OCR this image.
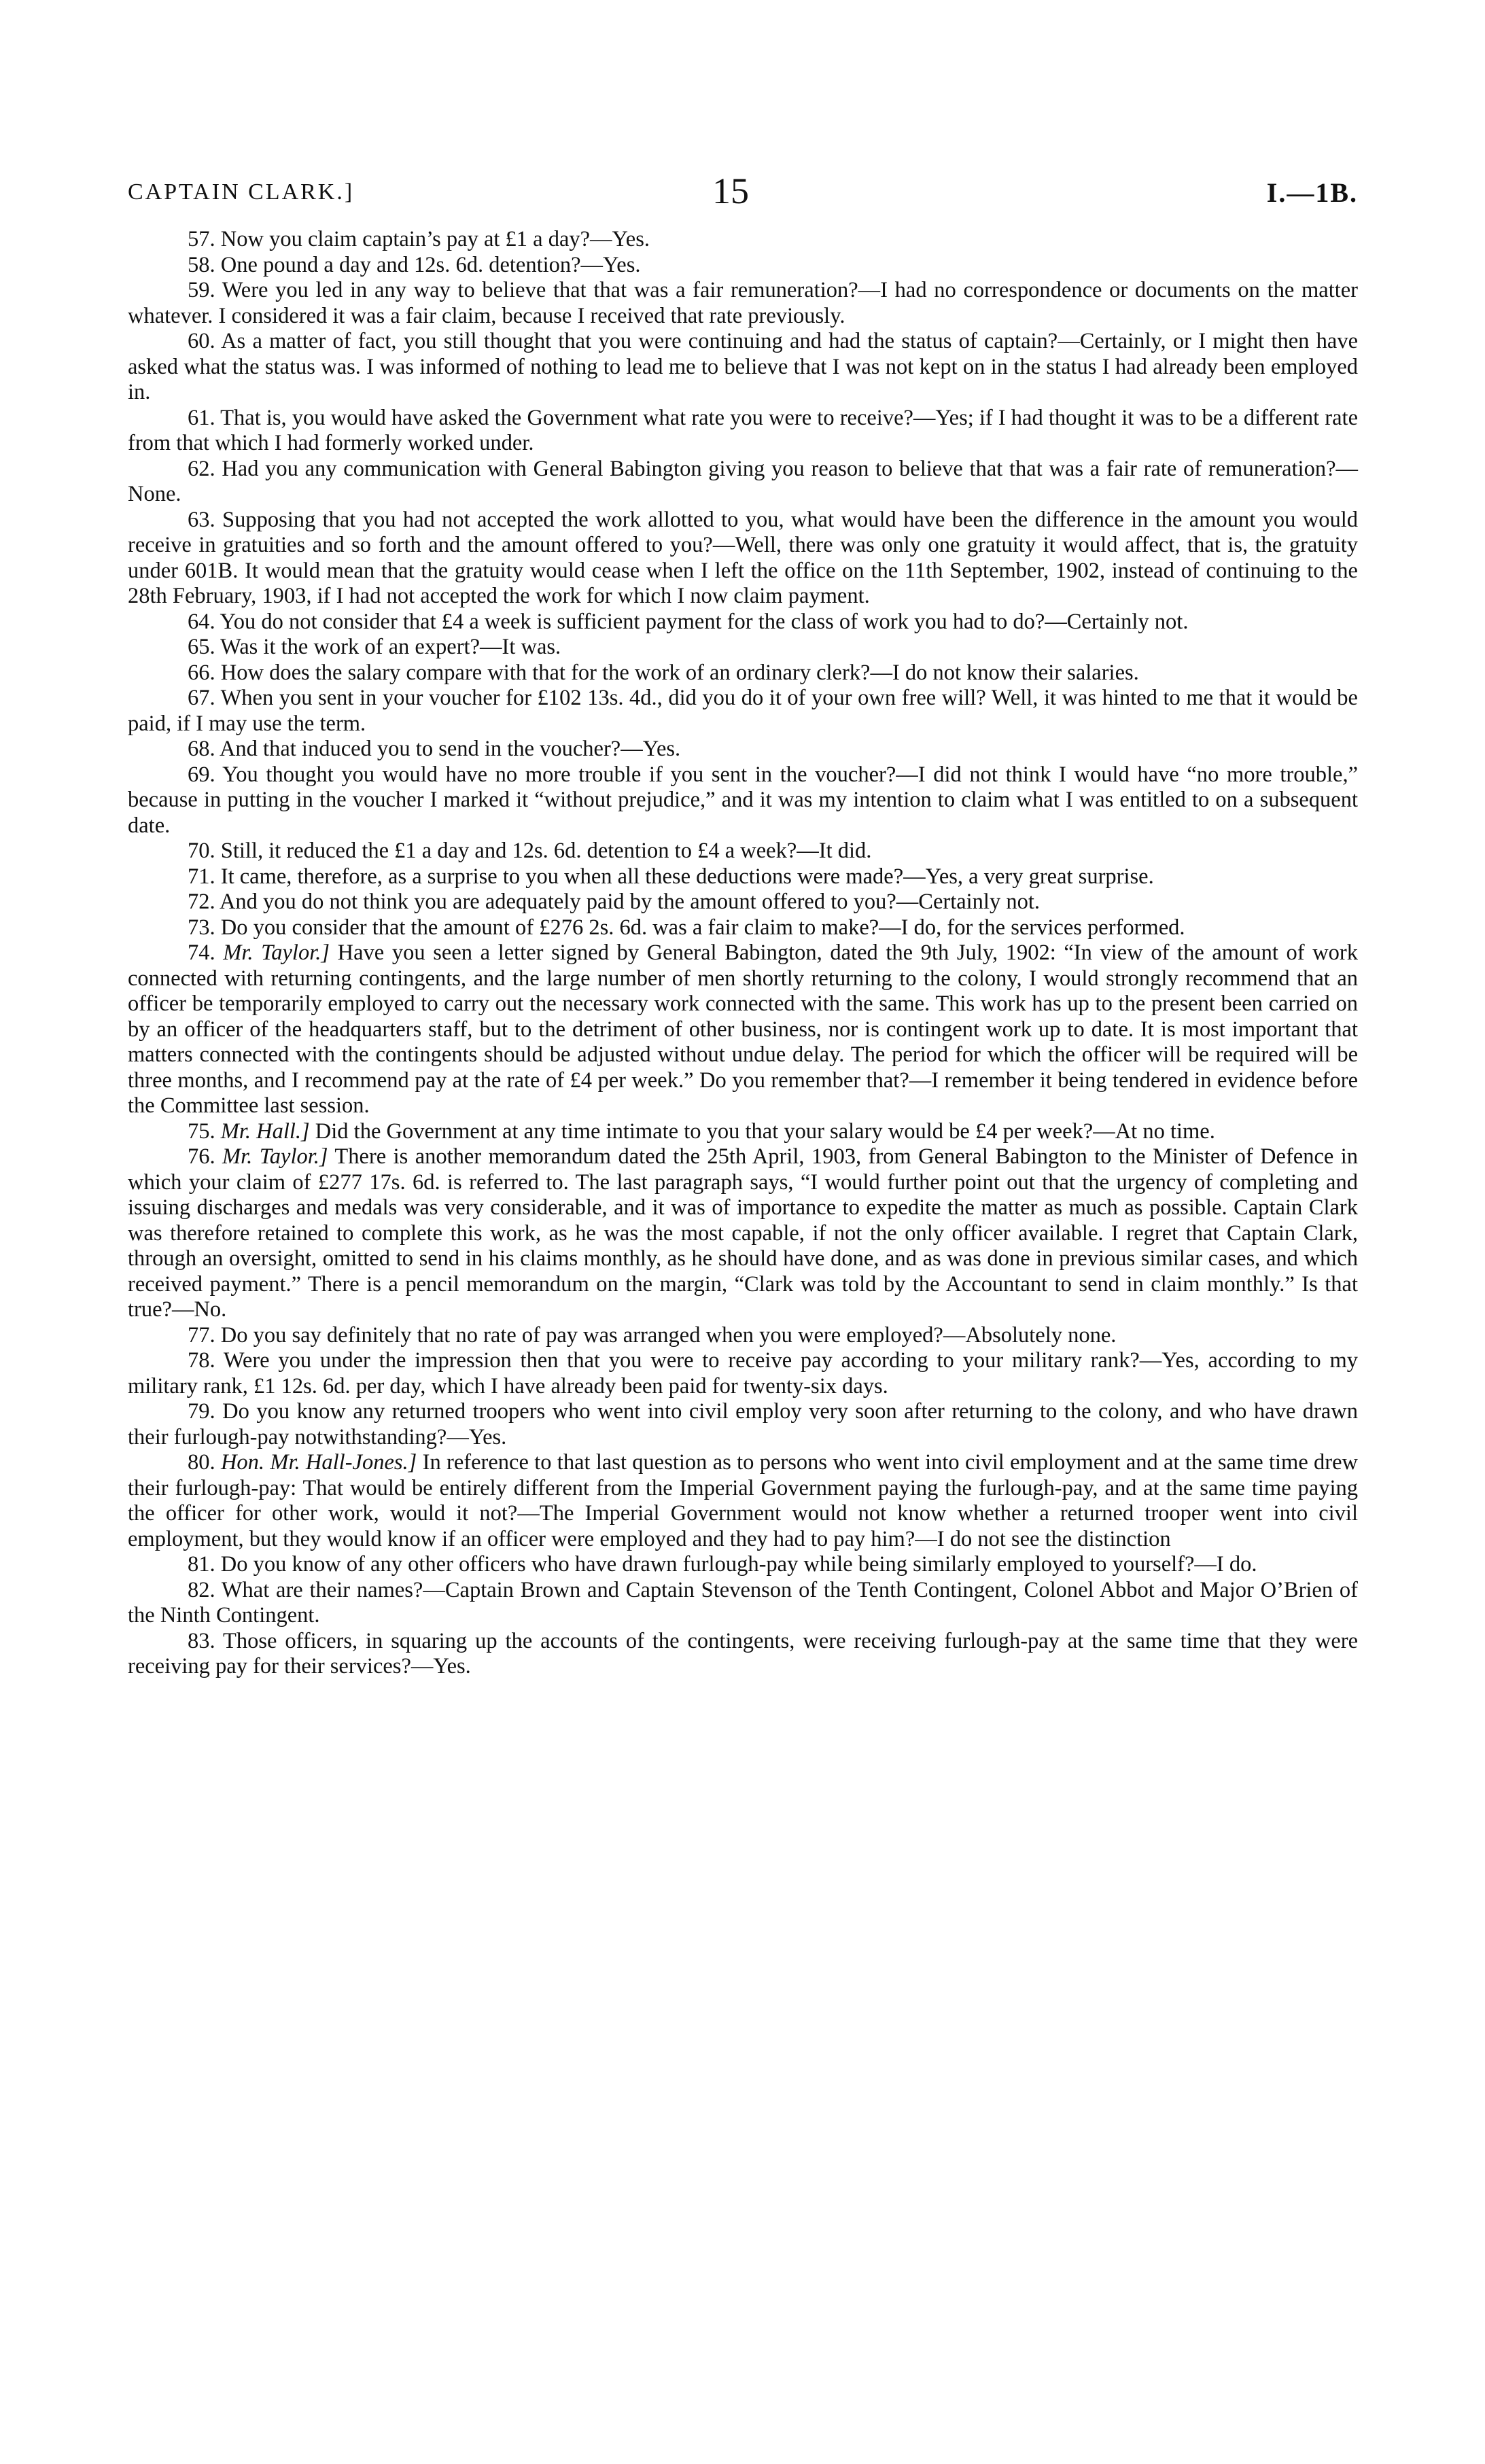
CAPTAIN CLARK.]	15	I.—1B.

57. Now you claim captain’s pay at £1 a day?—Yes.

58. One pound a day and 12s. 6d. detention?—Yes.

59. Were you led in any way to believe that that was a fair remuneration?—I had no correspondence or documents on the matter whatever. I considered it was a fair claim, because I received that rate previously.

60. As a matter of fact, you still thought that you were continuing and had the status of captain?—Certainly, or I might then have asked what the status was. I was informed of nothing to lead me to believe that I was not kept on in the status I had already been employed in.

61. That is, you would have asked the Government what rate you were to receive?—Yes; if I had thought it was to be a different rate from that which I had formerly worked under.

62. Had you any communication with General Babington giving you reason to believe that that was a fair rate of remuneration?—None.

63. Supposing that you had not accepted the work allotted to you, what would have been the difference in the amount you would receive in gratuities and so forth and the amount offered to you?—Well, there was only one gratuity it would affect, that is, the gratuity under 601B. It would mean that the gratuity would cease when I left the office on the 11th September, 1902, instead of continuing to the 28th February, 1903, if I had not accepted the work for which I now claim payment.

64. You do not consider that £4 a week is sufficient payment for the class of work you had to do?—Certainly not.

65. Was it the work of an expert?—It was.

66. How does the salary compare with that for the work of an ordinary clerk?—I do not know their salaries.

67. When you sent in your voucher for £102 13s. 4d., did you do it of your own free will? Well, it was hinted to me that it would be paid, if I may use the term.

68. And that induced you to send in the voucher?—Yes.

69. You thought you would have no more trouble if you sent in the voucher?—I did not think I would have “no more trouble,” because in putting in the voucher I marked it “without prejudice,” and it was my intention to claim what I was entitled to on a subsequent date.

70. Still, it reduced the £1 a day and 12s. 6d. detention to £4 a week?—It did.

71. It came, therefore, as a surprise to you when all these deductions were made?—Yes, a very great surprise.

72. And you do not think you are adequately paid by the amount offered to you?—Certainly not.

73. Do you consider that the amount of £276 2s. 6d. was a fair claim to make?—I do, for the services performed.

74. Mr. Taylor.] Have you seen a letter signed by General Babington, dated the 9th July, 1902: “In view of the amount of work connected with returning contingents, and the large number of men shortly returning to the colony, I would strongly recommend that an officer be temporarily employed to carry out the necessary work connected with the same. This work has up to the present been carried on by an officer of the headquarters staff, but to the detriment of other business, nor is contingent work up to date. It is most important that matters connected with the contingents should be adjusted without undue delay. The period for which the officer will be required will be three months, and I recommend pay at the rate of £4 per week.” Do you remember that?—I remember it being tendered in evidence before the Committee last session.

75. Mr. Hall.] Did the Government at any time intimate to you that your salary would be £4 per week?—At no time.

76. Mr. Taylor.] There is another memorandum dated the 25th April, 1903, from General Babington to the Minister of Defence in which your claim of £277 17s. 6d. is referred to. The last paragraph says, “I would further point out that the urgency of completing and issuing discharges and medals was very considerable, and it was of importance to expedite the matter as much as possible. Captain Clark was therefore retained to complete this work, as he was the most capable, if not the only officer available. I regret that Captain Clark, through an oversight, omitted to send in his claims monthly, as he should have done, and as was done in previous similar cases, and which received payment.” There is a pencil memorandum on the margin, “Clark was told by the Accountant to send in claim monthly.” Is that true?—No.

77. Do you say definitely that no rate of pay was arranged when you were employed?—Absolutely none.

78. Were you under the impression then that you were to receive pay according to your military rank?—Yes, according to my military rank, £1 12s. 6d. per day, which I have already been paid for twenty-six days.

79. Do you know any returned troopers who went into civil employ very soon after returning to the colony, and who have drawn their furlough-pay notwithstanding?—Yes.

80. Hon. Mr. Hall-Jones.] In reference to that last question as to persons who went into civil employment and at the same time drew their furlough-pay: That would be entirely different from the Imperial Government paying the furlough-pay, and at the same time paying the officer for other work, would it not?—The Imperial Government would not know whether a returned trooper went into civil employment, but they would know if an officer were employed and they had to pay him?—I do not see the distinction

81. Do you know of any other officers who have drawn furlough-pay while being similarly employed to yourself?—I do.

82. What are their names?—Captain Brown and Captain Stevenson of the Tenth Contingent, Colonel Abbot and Major O’Brien of the Ninth Contingent.

83. Those officers, in squaring up the accounts of the contingents, were receiving furlough-pay at the same time that they were receiving pay for their services?—Yes.
